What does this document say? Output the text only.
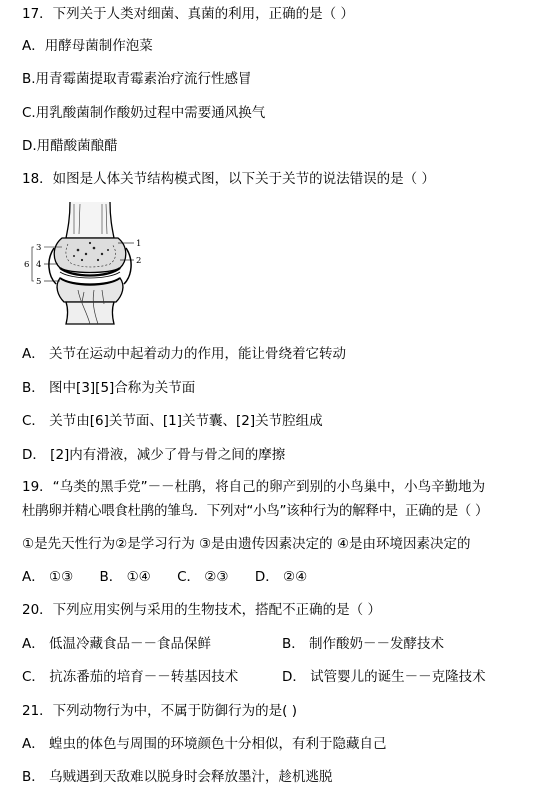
17．下列关于人类对细菌、真菌的利用，正确的是（ ）
A．用酵母菌制作泡菜
B.用青霉菌提取青霉素治疗流行性感冒
C.用乳酸菌制作酸奶过程中需要通风换气
D.用醋酸菌酿醋
18．如图是人体关节结构模式图，以下关于关节的说法错误的是（ ）
3
4
6
5
1
2
A． 关节在运动中起着动力的作用，能让骨绕着它转动
B． 图中[3][5]合称为关节面
C． 关节由[6]关节面、[1]关节囊、[2]关节腔组成
D． [2]内有滑液，减少了骨与骨之间的摩擦
19．“乌类的黑手党”－－杜鹃，将自己的卵产到别的小鸟巢中，小鸟辛勤地为
杜鹃卵并精心喂食杜鹃的雏鸟．下列对“小鸟”该种行为的解释中，正确的是（ ）
①是先天性行为②是学习行为 ③是由遗传因素决定的 ④是由环境因素决定的
A． ①③ B． ①④ C． ②③ D． ②④
20．下列应用实例与采用的生物技术，搭配不正确的是（ ）
A． 低温冷藏食品－－食品保鲜	B． 制作酸奶－－发酵技术
C． 抗冻番茄的培育－－转基因技术	D． 试管婴儿的诞生－－克隆技术
21．下列动物行为中，不属于防御行为的是( )
A． 蝗虫的体色与周围的环境颜色十分相似，有利于隐藏自己
B． 乌贼遇到天敌难以脱身时会释放墨汁，趁机逃脱
